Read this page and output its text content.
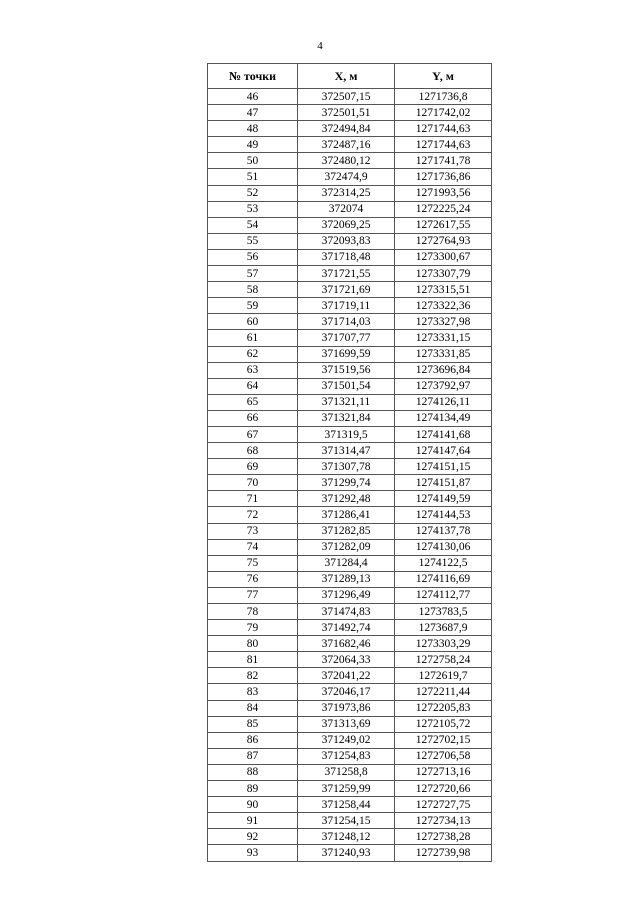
4
№ точки	X, м	Y, м
46	372507,15	1271736,8
47	372501,51	1271742,02
48	372494,84	1271744,63
49	372487,16	1271744,63
50	372480,12	1271741,78
51	372474,9	1271736,86
52	372314,25	1271993,56
53	372074	1272225,24
54	372069,25	1272617,55
55	372093,83	1272764,93
56	371718,48	1273300,67
57	371721,55	1273307,79
58	371721,69	1273315,51
59	371719,11	1273322,36
60	371714,03	1273327,98
61	371707,77	1273331,15
62	371699,59	1273331,85
63	371519,56	1273696,84
64	371501,54	1273792,97
65	371321,11	1274126,11
66	371321,84	1274134,49
67	371319,5	1274141,68
68	371314,47	1274147,64
69	371307,78	1274151,15
70	371299,74	1274151,87
71	371292,48	1274149,59
72	371286,41	1274144,53
73	371282,85	1274137,78
74	371282,09	1274130,06
75	371284,4	1274122,5
76	371289,13	1274116,69
77	371296,49	1274112,77
78	371474,83	1273783,5
79	371492,74	1273687,9
80	371682,46	1273303,29
81	372064,33	1272758,24
82	372041,22	1272619,7
83	372046,17	1272211,44
84	371973,86	1272205,83
85	371313,69	1272105,72
86	371249,02	1272702,15
87	371254,83	1272706,58
88	371258,8	1272713,16
89	371259,99	1272720,66
90	371258,44	1272727,75
91	371254,15	1272734,13
92	371248,12	1272738,28
93	371240,93	1272739,98
